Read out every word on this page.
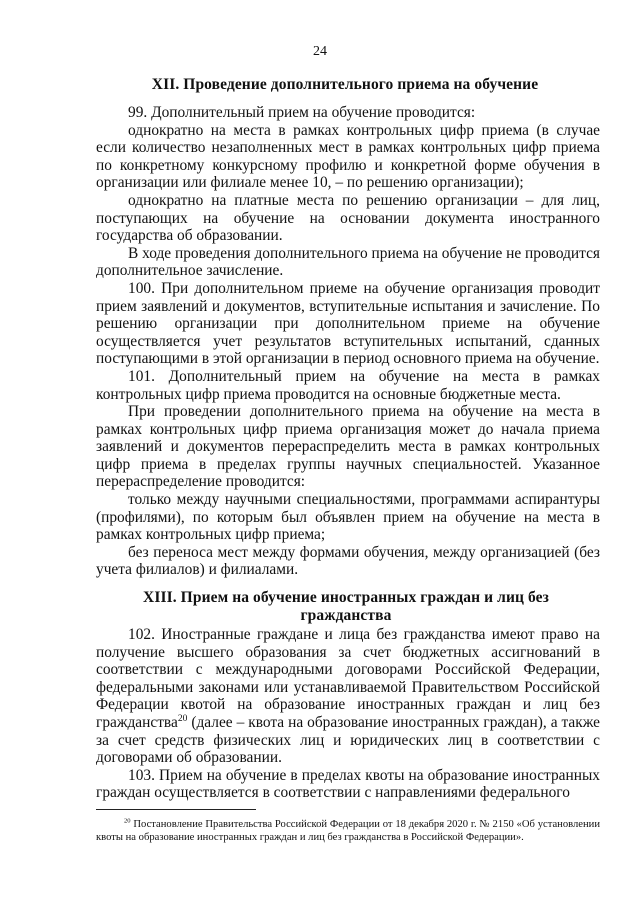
24
XII. Проведение дополнительного приема на обучение

99. Дополнительный прием на обучение проводится:

однократно на места в рамках контрольных цифр приема (в случае если количество незаполненных мест в рамках контрольных цифр приема по конкретному конкурсному профилю и конкретной форме обучения в организации или филиале менее 10, – по решению организации);

однократно на платные места по решению организации – для лиц, поступающих на обучение на основании документа иностранного государства об образовании.

В ходе проведения дополнительного приема на обучение не проводится дополнительное зачисление.

100. При дополнительном приеме на обучение организация проводит прием заявлений и документов, вступительные испытания и зачисление. По решению организации при дополнительном приеме на обучение осуществляется учет результатов вступительных испытаний, сданных поступающими в этой организации в период основного приема на обучение.

101. Дополнительный прием на обучение на места в рамках контрольных цифр приема проводится на основные бюджетные места.

При проведении дополнительного приема на обучение на места в рамках контрольных цифр приема организация может до начала приема заявлений и документов перераспределить места в рамках контрольных цифр приема в пределах группы научных специальностей. Указанное перераспределение проводится:

только между научными специальностями, программами аспирантуры (профилями), по которым был объявлен прием на обучение на места в рамках контрольных цифр приема;

без переноса мест между формами обучения, между организацией (без учета филиалов) и филиалами.

XIII. Прием на обучение иностранных граждан и лиц без гражданства

102. Иностранные граждане и лица без гражданства имеют право на получение высшего образования за счет бюджетных ассигнований в соответствии с международными договорами Российской Федерации, федеральными законами или устанавливаемой Правительством Российской Федерации квотой на образование иностранных граждан и лиц без гражданства$^{20}$ (далее – квота на образование иностранных граждан), а также за счет средств физических лиц и юридических лиц в соответствии с договорами об образовании.

103. Прием на обучение в пределах квоты на образование иностранных граждан осуществляется в соответствии с направлениями федерального

$^{20}$ Постановление Правительства Российской Федерации от 18 декабря 2020 г. № 2150 «Об установлении квоты на образование иностранных граждан и лиц без гражданства в Российской Федерации».
